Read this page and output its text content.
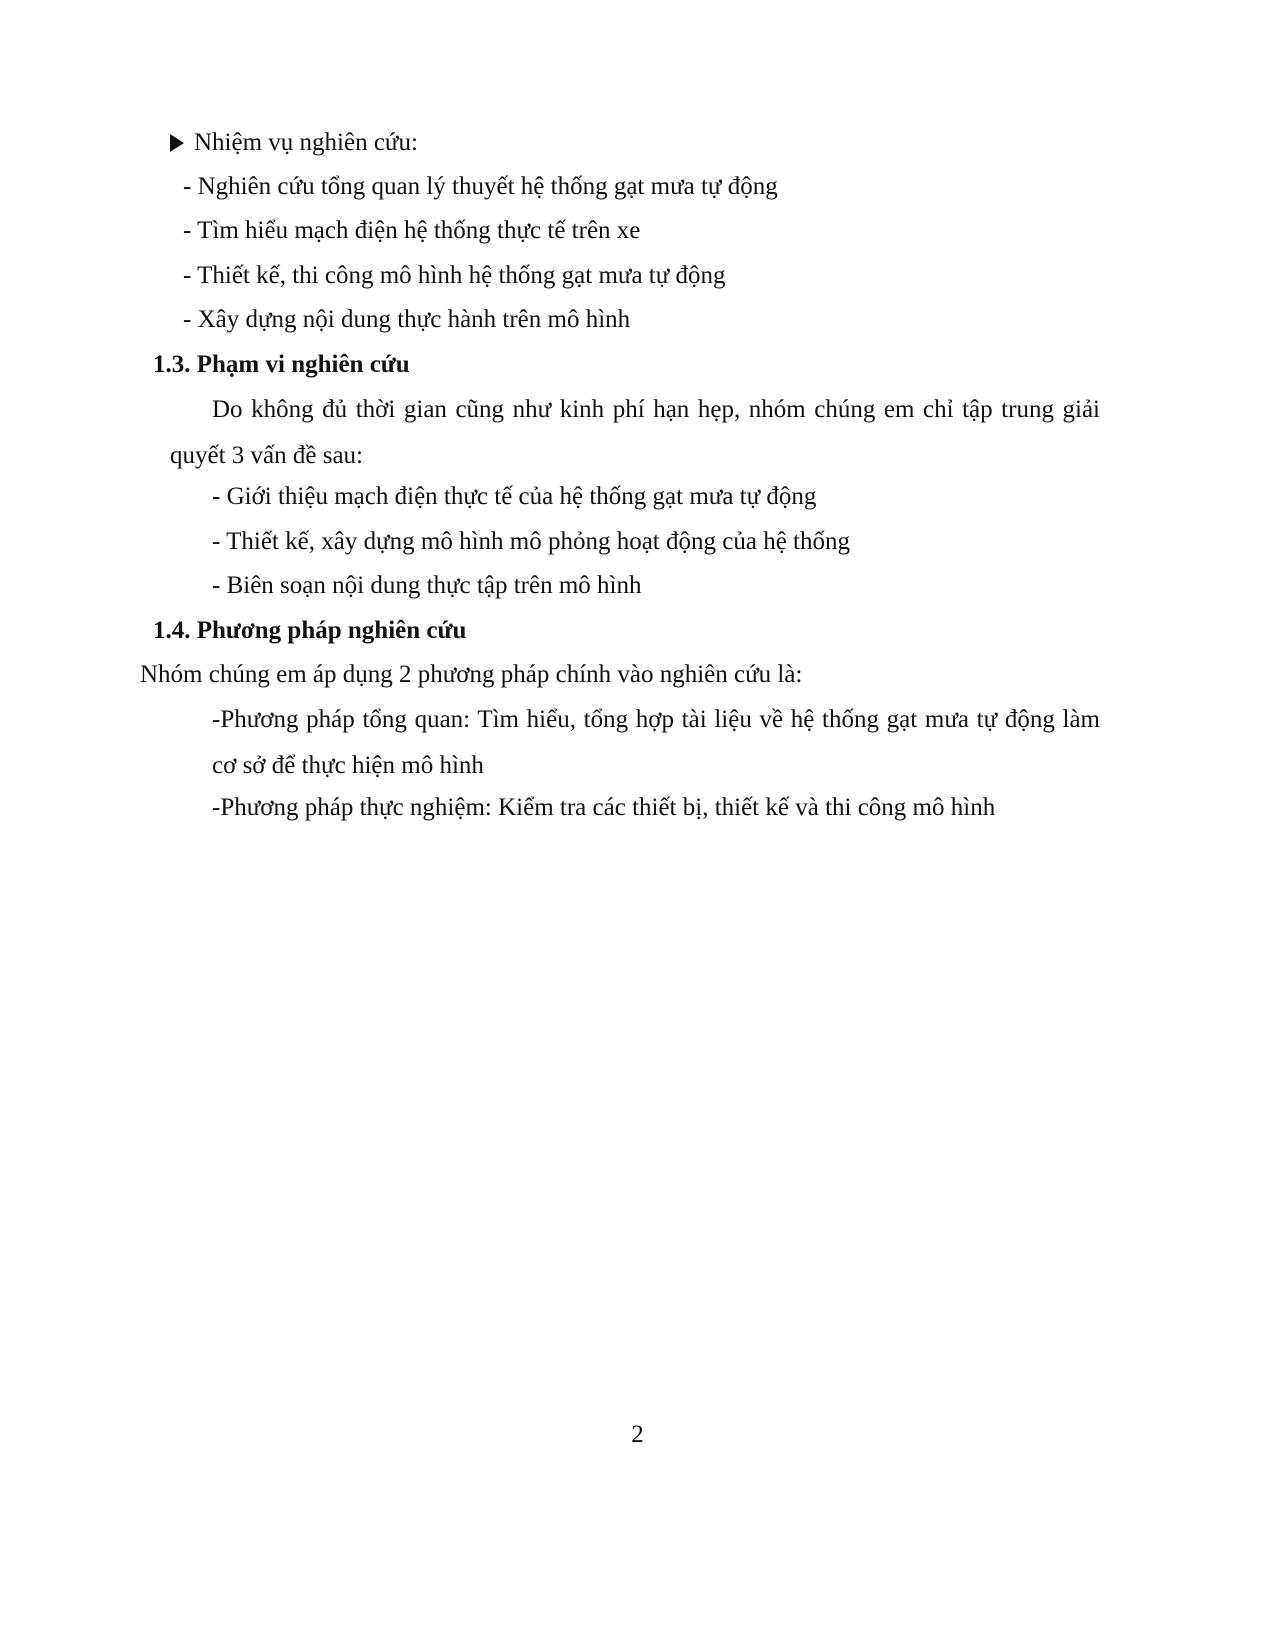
Nhiệm vụ nghiên cứu:
- Nghiên cứu tổng quan lý thuyết hệ thống gạt mưa tự động
- Tìm hiểu mạch điện hệ thống thực tế trên xe
- Thiết kế, thi công mô hình hệ thống gạt mưa tự động
- Xây dựng nội dung thực hành trên mô hình
1.3. Phạm vi nghiên cứu
Do không đủ thời gian cũng như kinh phí hạn hẹp, nhóm chúng em chỉ tập trung giải quyết 3 vấn đề sau:
- Giới thiệu mạch điện thực tế của hệ thống gạt mưa tự động
- Thiết kế, xây dựng mô hình mô phỏng hoạt động của hệ thống
- Biên soạn nội dung thực tập trên mô hình
1.4. Phương pháp nghiên cứu
Nhóm chúng em áp dụng 2 phương pháp chính vào nghiên cứu là:
-Phương pháp tổng quan: Tìm hiểu, tổng hợp tài liệu về hệ thống gạt mưa tự động làm cơ sở để thực hiện mô hình
-Phương pháp thực nghiệm: Kiểm tra các thiết bị, thiết kế và thi công mô hình
2
